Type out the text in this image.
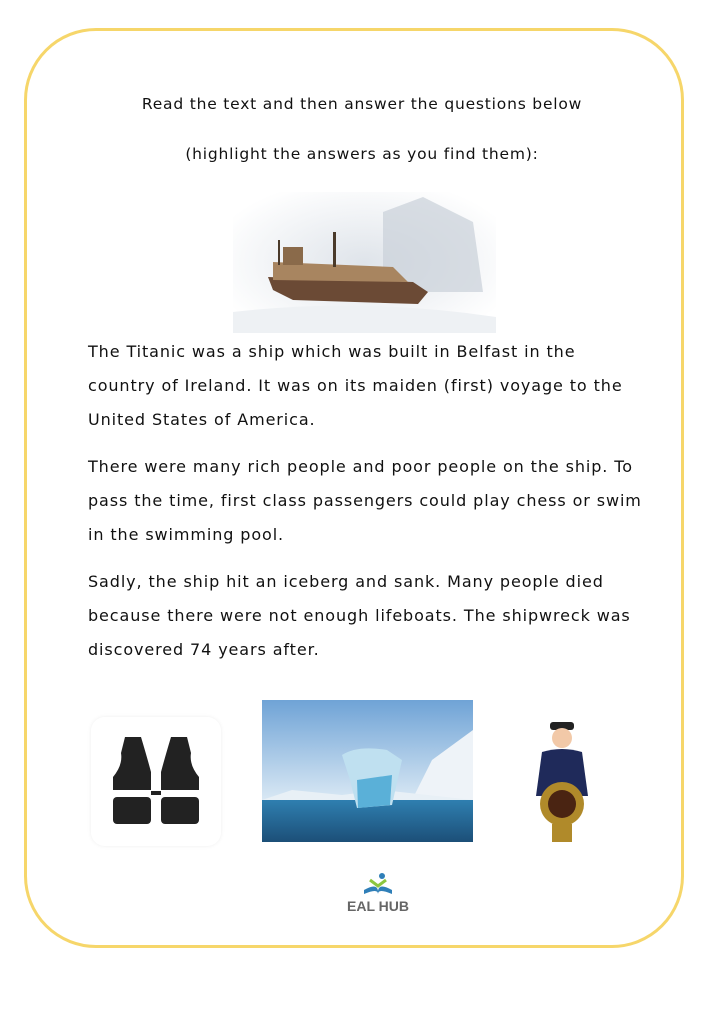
Read the text and then answer the questions below
(highlight the answers as you find them):
The Titanic was a ship which was built in Belfast in the country of Ireland. It was on its maiden (first) voyage to the United States of America.
There were many rich people and poor people on the ship. To pass the time, first class passengers could play chess or swim in the swimming pool.
Sadly, the ship hit an iceberg and sank. Many people died because there were not enough lifeboats. The shipwreck was discovered 74 years after.
EAL HUB
